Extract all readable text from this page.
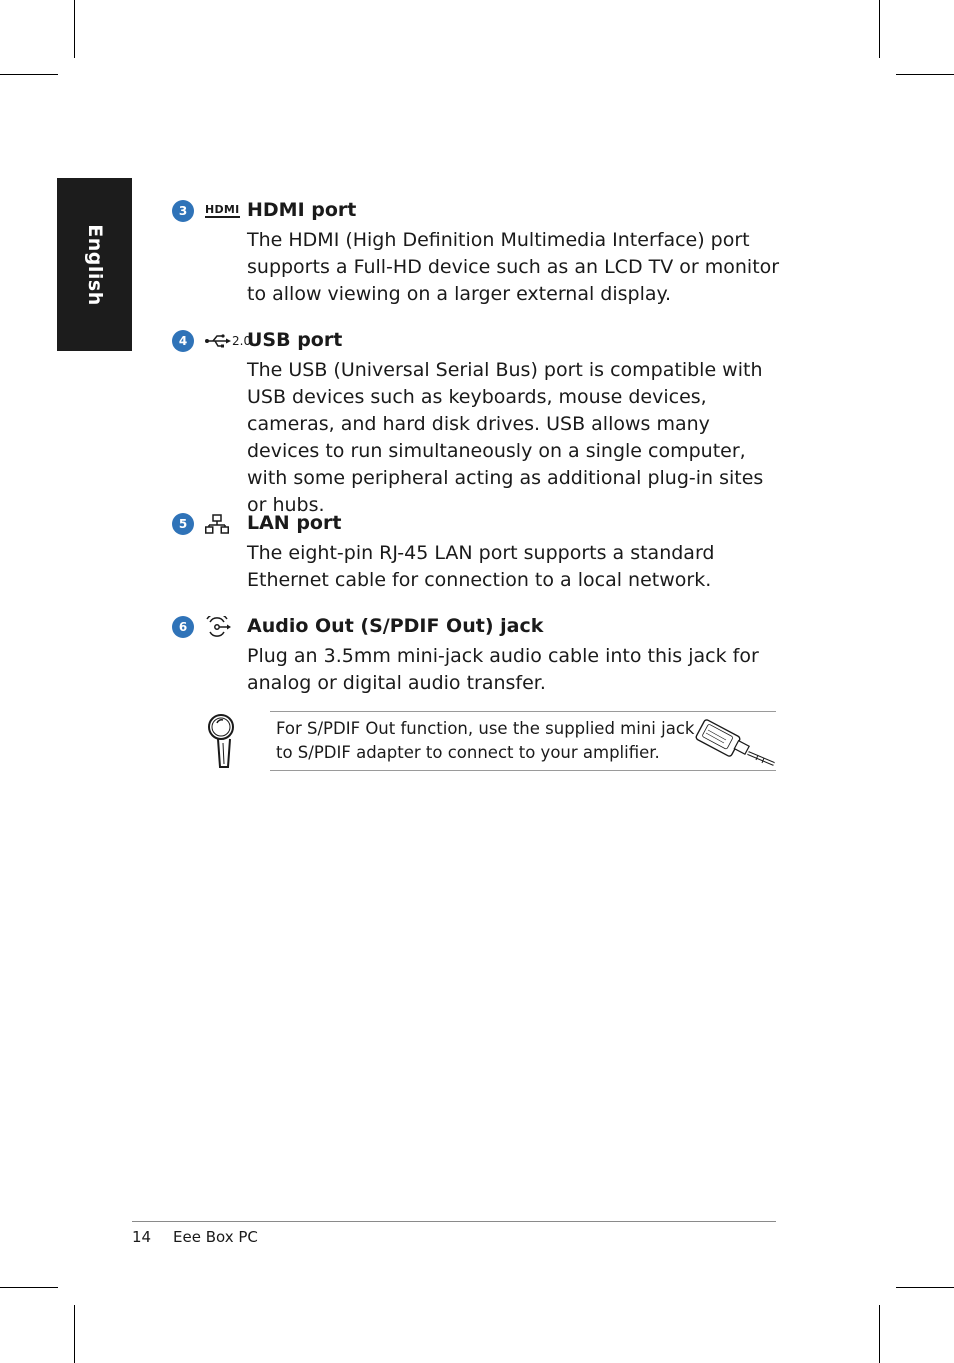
English
3	HDMI HDMI port
The HDMI (High Definition Multimedia Interface) port supports a Full-HD device such as an LCD TV or monitor to allow viewing on a larger external display.
4	2.0
USB port
The USB (Universal Serial Bus) port is compatible with USB devices such as keyboards, mouse devices, cameras, and hard disk drives. USB allows many devices to run simultaneously on a single computer, with some peripheral acting as additional plug-in sites or hubs.
5	LAN port
The eight-pin RJ-45 LAN port supports a standard Ethernet cable for connection to a local network.
6	Audio Out (S/PDIF Out) jack
Plug an 3.5mm mini-jack audio cable into this jack for analog or digital audio transfer.
For S/PDIF Out function, use the supplied mini jack to S/PDIF adapter to connect to your amplifier.
14 Eee Box PC
